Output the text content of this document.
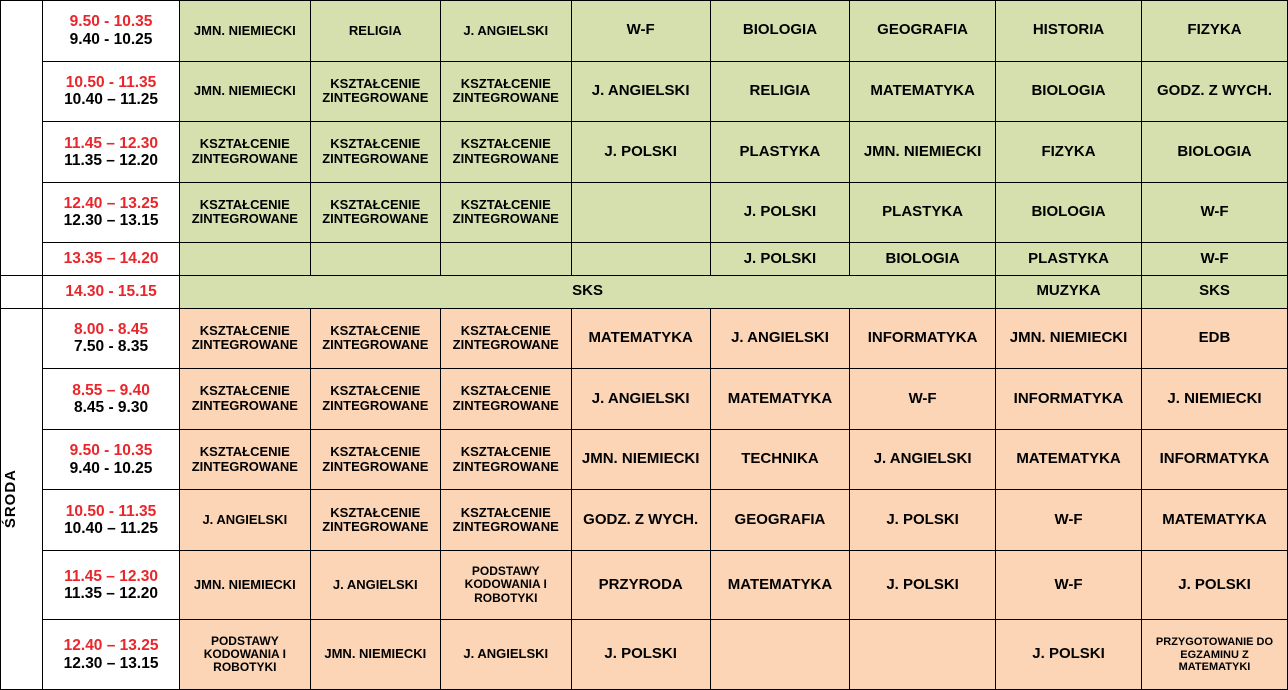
	9.50 - 10.35
9.40 - 10.25	JMN. NIEMIECKI	RELIGIA	J. ANGIELSKI	W-F	BIOLOGIA	GEOGRAFIA	HISTORIA	FIZYKA

	10.50 - 11.35
10.40 – 11.25	JMN. NIEMIECKI	KSZTAŁCENIE ZINTEGROWANE	KSZTAŁCENIE ZINTEGROWANE	J. ANGIELSKI	RELIGIA	MATEMATYKA	BIOLOGIA	GODZ. Z WYCH.

	11.45 – 12.30
11.35 – 12.20	KSZTAŁCENIE ZINTEGROWANE	KSZTAŁCENIE ZINTEGROWANE	KSZTAŁCENIE ZINTEGROWANE	J. POLSKI	PLASTYKA	JMN. NIEMIECKI	FIZYKA	BIOLOGIA

	12.40 – 13.25
12.30 – 13.15	KSZTAŁCENIE ZINTEGROWANE	KSZTAŁCENIE ZINTEGROWANE	KSZTAŁCENIE ZINTEGROWANE		J. POLSKI	PLASTYKA	BIOLOGIA	W-F

	13.35 – 14.20					J. POLSKI	BIOLOGIA	PLASTYKA	W-F

	14.30 - 15.15	SKS						MUZYKA	SKS

ŚRODA	8.00 - 8.45
7.50 - 8.35	KSZTAŁCENIE ZINTEGROWANE	KSZTAŁCENIE ZINTEGROWANE	KSZTAŁCENIE ZINTEGROWANE	MATEMATYKA	J. ANGIELSKI	INFORMATYKA	JMN. NIEMIECKI	EDB

	8.55 – 9.40
8.45 - 9.30	KSZTAŁCENIE ZINTEGROWANE	KSZTAŁCENIE ZINTEGROWANE	KSZTAŁCENIE ZINTEGROWANE	J. ANGIELSKI	MATEMATYKA	W-F	INFORMATYKA	J. NIEMIECKI

	9.50 - 10.35
9.40 - 10.25	KSZTAŁCENIE ZINTEGROWANE	KSZTAŁCENIE ZINTEGROWANE	KSZTAŁCENIE ZINTEGROWANE	JMN. NIEMIECKI	TECHNIKA	J. ANGIELSKI	MATEMATYKA	INFORMATYKA

	10.50 - 11.35
10.40 – 11.25	J. ANGIELSKI	KSZTAŁCENIE ZINTEGROWANE	KSZTAŁCENIE ZINTEGROWANE	GODZ. Z WYCH.	GEOGRAFIA	J. POLSKI	W-F	MATEMATYKA

	11.45 – 12.30
11.35 – 12.20	JMN. NIEMIECKI	J. ANGIELSKI	PODSTAWY KODOWANIA I ROBOTYKI	PRZYRODA	MATEMATYKA	J. POLSKI	W-F	J. POLSKI

	12.40 – 13.25
12.30 – 13.15	PODSTAWY KODOWANIA I ROBOTYKI	JMN. NIEMIECKI	J. ANGIELSKI	J. POLSKI			J. POLSKI	PRZYGOTOWANIE DO EGZAMINU Z MATEMATYKI
